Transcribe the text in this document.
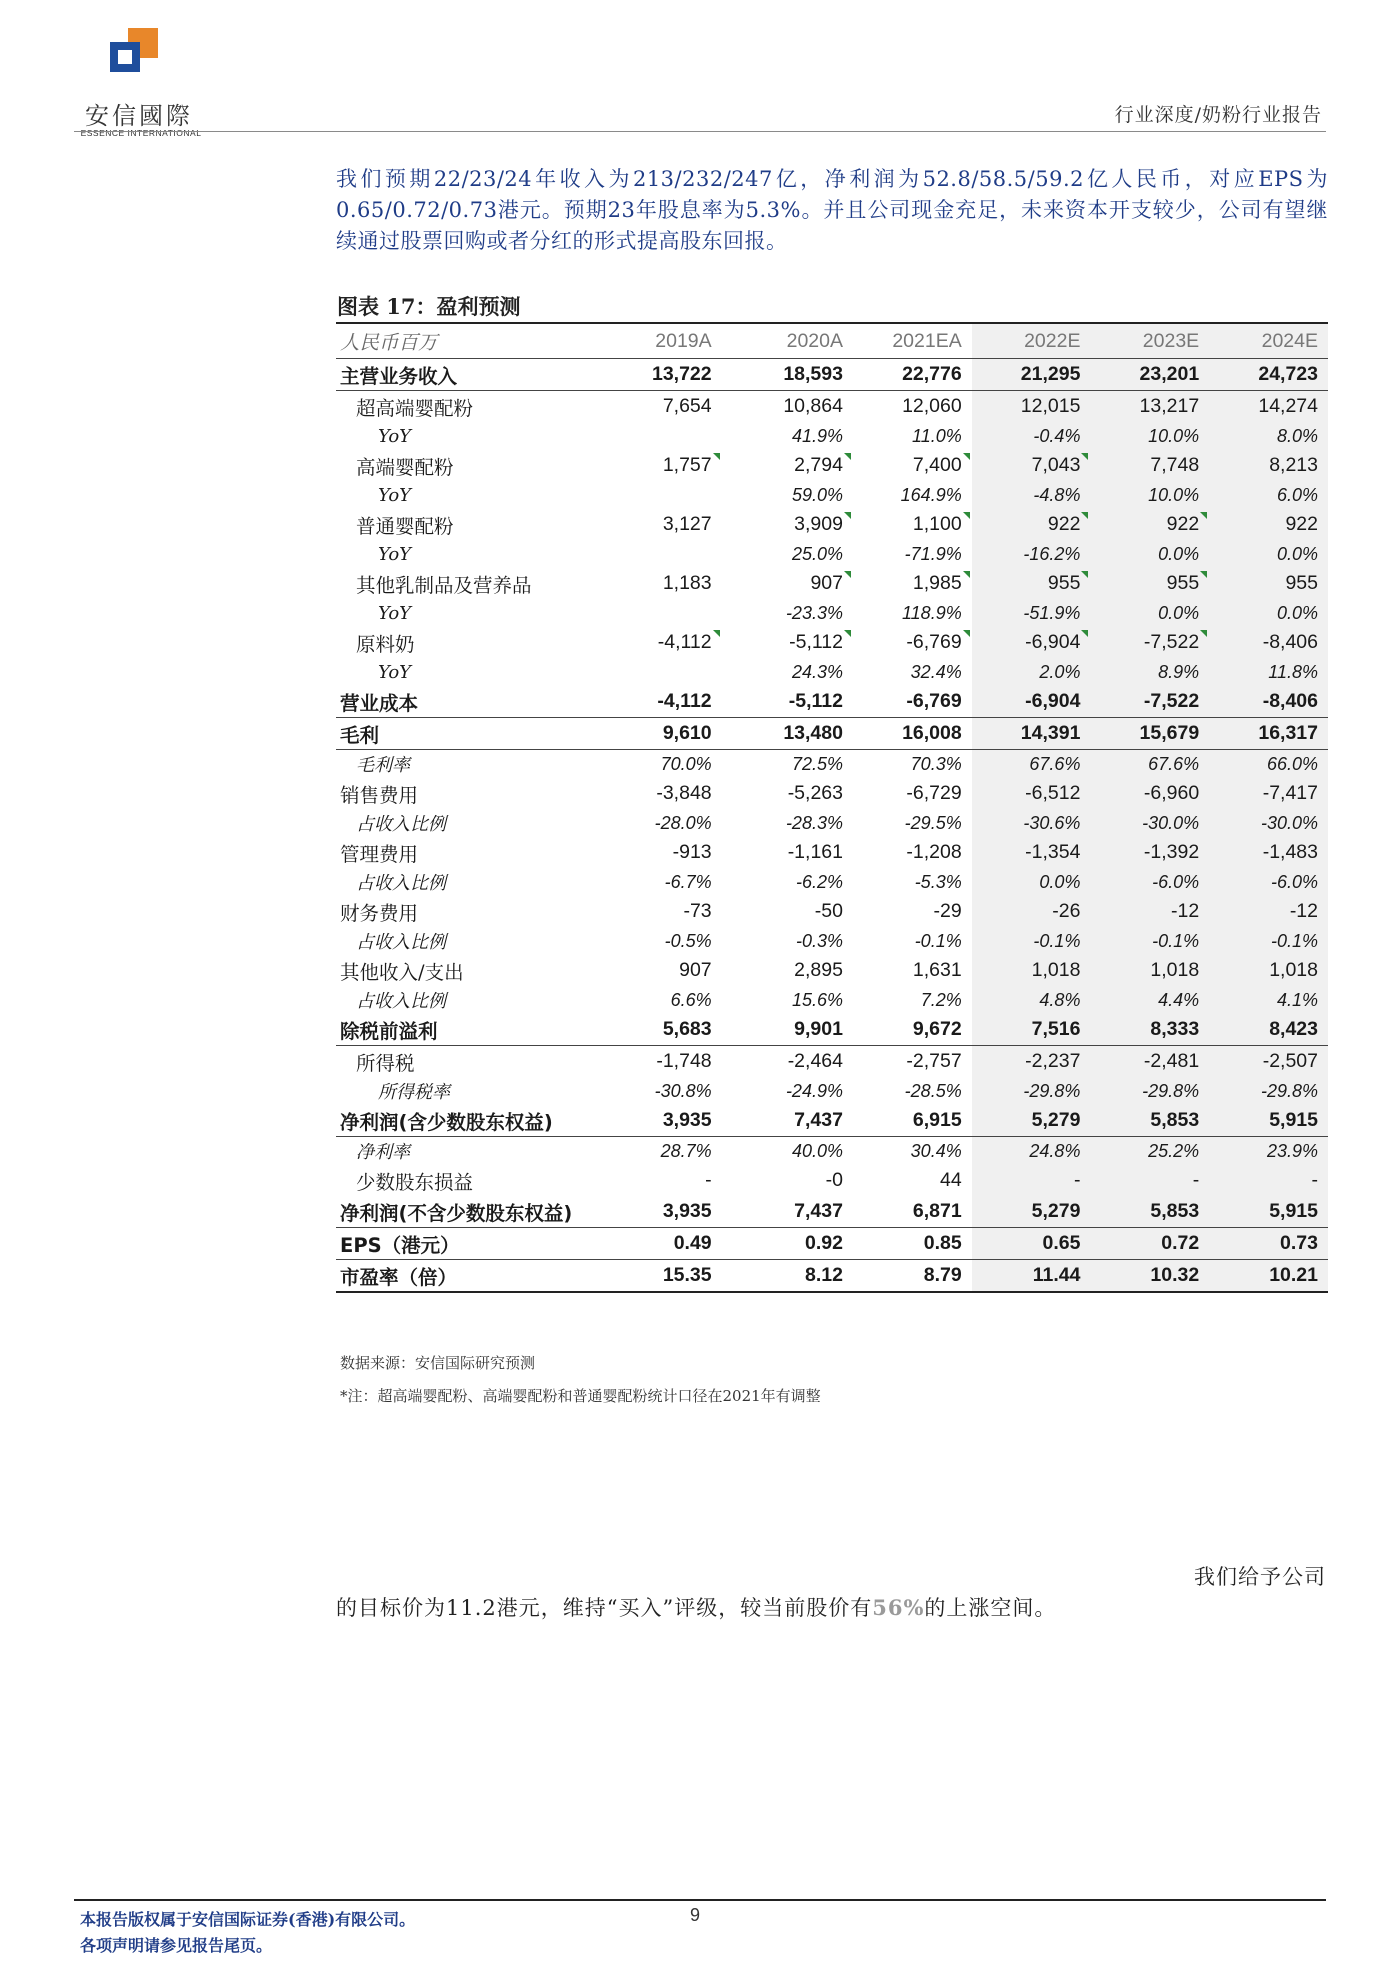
安信國際
ESSENCE INTERNATIONAL
行业深度/奶粉行业报告
我们预期22/23/24年收入为213/232/247亿，净利润为52.8/58.5/59.2亿人民币，对应EPS为0.65/0.72/0.73港元。预期23年股息率为5.3%。并且公司现金充足，未来资本开支较少，公司有望继续通过股票回购或者分红的形式提高股东回报。
图表 17：盈利预测
人民币百万	2019A	2020A	2021EA	2022E	2023E	2024E
主营业务收入	13,722	18,593	22,776	21,295	23,201	24,723
超高端婴配粉	7,654	10,864	12,060	12,015	13,217	14,274
YoY		41.9%	11.0%	-0.4%	10.0%	8.0%
高端婴配粉	1,757	2,794	7,400	7,043	7,748	8,213
YoY		59.0%	164.9%	-4.8%	10.0%	6.0%
普通婴配粉	3,127	3,909	1,100	922	922	922
YoY		25.0%	-71.9%	-16.2%	0.0%	0.0%
其他乳制品及营养品	1,183	907	1,985	955	955	955
YoY		-23.3%	118.9%	-51.9%	0.0%	0.0%
原料奶	-4,112	-5,112	-6,769	-6,904	-7,522	-8,406
YoY		24.3%	32.4%	2.0%	8.9%	11.8%
营业成本	-4,112	-5,112	-6,769	-6,904	-7,522	-8,406
毛利	9,610	13,480	16,008	14,391	15,679	16,317
毛利率	70.0%	72.5%	70.3%	67.6%	67.6%	66.0%
销售费用	-3,848	-5,263	-6,729	-6,512	-6,960	-7,417
占收入比例	-28.0%	-28.3%	-29.5%	-30.6%	-30.0%	-30.0%
管理费用	-913	-1,161	-1,208	-1,354	-1,392	-1,483
占收入比例	-6.7%	-6.2%	-5.3%	0.0%	-6.0%	-6.0%
财务费用	-73	-50	-29	-26	-12	-12
占收入比例	-0.5%	-0.3%	-0.1%	-0.1%	-0.1%	-0.1%
其他收入/支出	907	2,895	1,631	1,018	1,018	1,018
占收入比例	6.6%	15.6%	7.2%	4.8%	4.4%	4.1%
除税前溢利	5,683	9,901	9,672	7,516	8,333	8,423
所得税	-1,748	-2,464	-2,757	-2,237	-2,481	-2,507
所得税率	-30.8%	-24.9%	-28.5%	-29.8%	-29.8%	-29.8%
净利润(含少数股东权益)	3,935	7,437	6,915	5,279	5,853	5,915
净利率	28.7%	40.0%	30.4%	24.8%	25.2%	23.9%
少数股东损益	-	-0	44	-	-	-
净利润(不含少数股东权益)	3,935	7,437	6,871	5,279	5,853	5,915
EPS（港元）	0.49	0.92	0.85	0.65	0.72	0.73
市盈率（倍）	15.35	8.12	8.79	11.44	10.32	10.21
数据来源：安信国际研究预测
*注：超高端婴配粉、高端婴配粉和普通婴配粉统计口径在2021年有调整
我们给予公司
的目标价为11.2港元，维持“买入”评级，较当前股价有56%的上涨空间。
本报告版权属于安信国际证券(香港)有限公司。
各项声明请参见报告尾页。
9
